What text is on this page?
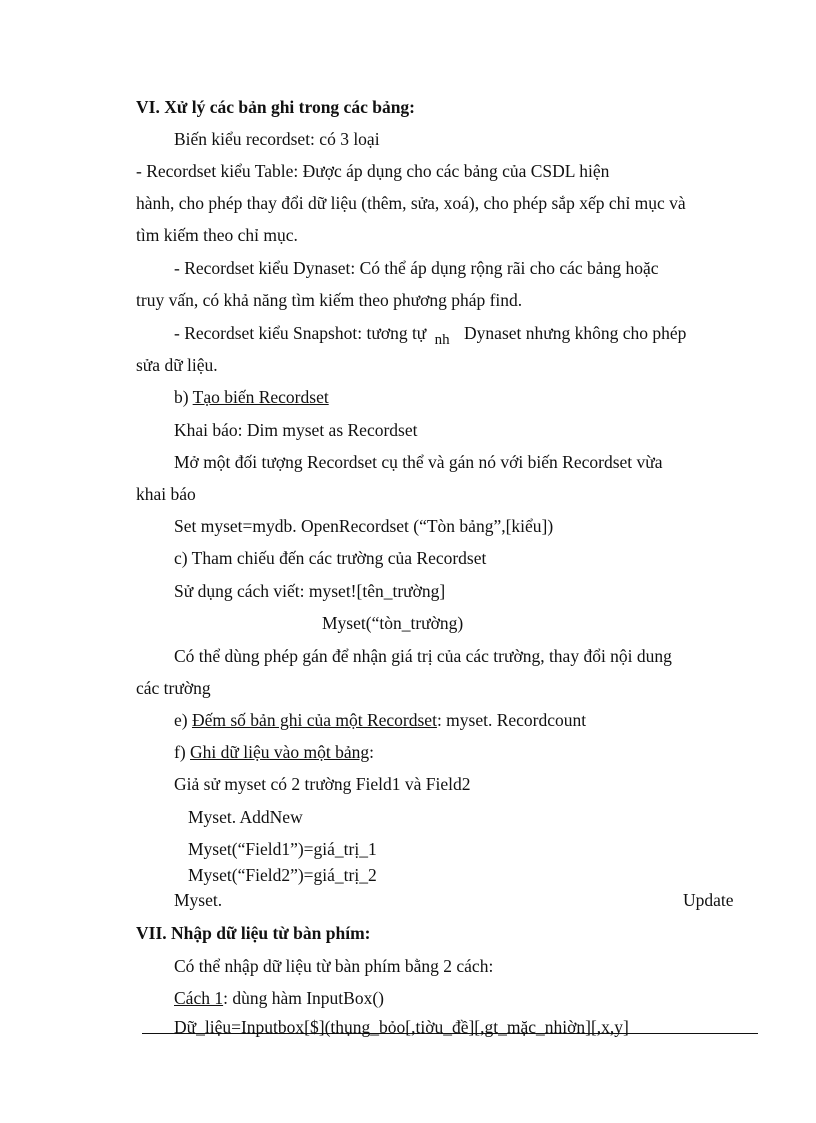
VI. Xử lý các bản ghi trong các bảng:
Biến kiểu recordset: có 3 loại
- Recordset kiểu Table: Được áp dụng cho các bảng của CSDL hiện
hành, cho phép thay đổi dữ liệu (thêm, sửa, xoá), cho phép sắp xếp chỉ mục và
tìm kiếm theo chỉ mục.
- Recordset kiểu Dynaset: Có thể áp dụng rộng rãi cho các bảng hoặc
truy vấn, có khả năng tìm kiếm theo phương pháp find.
- Recordset kiểu Snapshot: tương tự nh Dynaset nhưng không cho phép
sửa dữ liệu.
b) Tạo biến Recordset
Khai báo: Dim myset as Recordset
Mở một đối tượng Recordset cụ thể và gán nó với biến Recordset vừa
khai báo
Set myset=mydb. OpenRecordset (“Tòn bảng”,[kiểu])
c) Tham chiếu đến các trường của Recordset
Sử dụng cách viết: myset![tên_trường]
Myset(“tòn_trường)
Có thể dùng phép gán để nhận giá trị của các trường, thay đổi nội dung
các trường
e) Đếm số bản ghi của một Recordset: myset. Recordcount
f) Ghi dữ liệu vào một bảng:
Giả sử myset có 2 trường Field1 và Field2
Myset. AddNew
Myset(“Field1”)=giá_trị_1
Myset(“Field2”)=giá_trị_2
Myset.	Update
VII. Nhập dữ liệu từ bàn phím:
Có thể nhập dữ liệu từ bàn phím bằng 2 cách:
Cách 1: dùng hàm InputBox()
Dữ_liệu=Inputbox[$](thụng_bỏo[,tiờu_đề][,gt_mặc_nhiờn][,x,y]
